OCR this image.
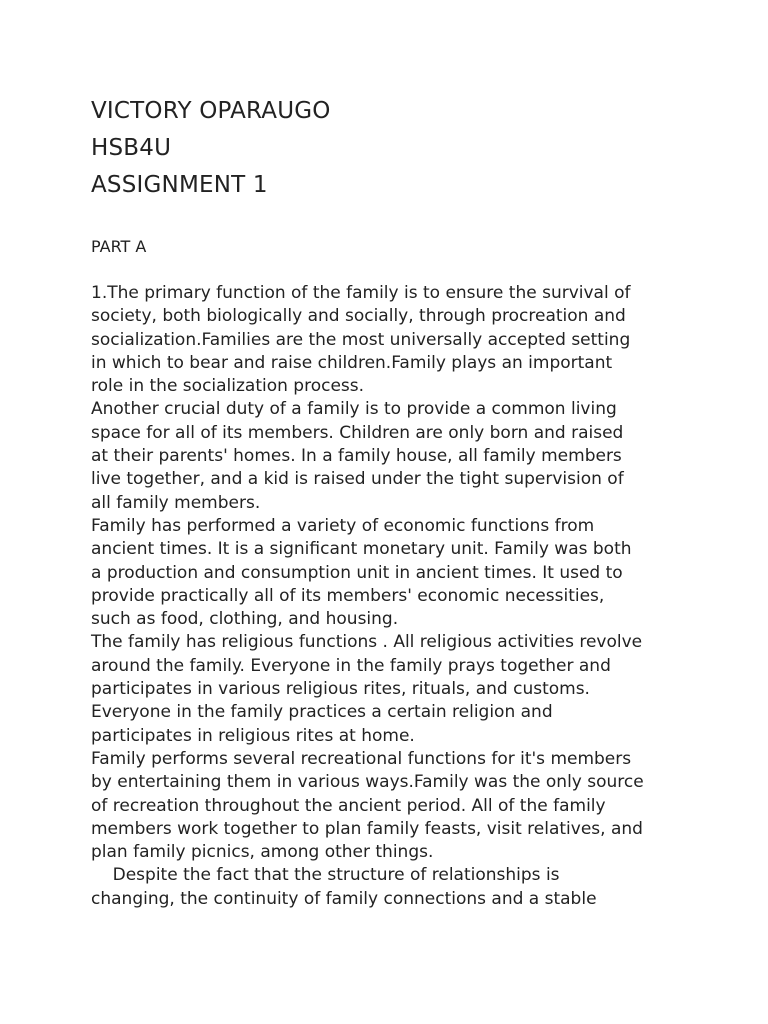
VICTORY OPARAUGO
HSB4U
ASSIGNMENT 1
PART A
1.The primary function of the family is to ensure the survival of
society, both biologically and socially, through procreation and
socialization.Families are the most universally accepted setting
in which to bear and raise children.Family plays an important
role in the socialization process.
Another crucial duty of a family is to provide a common living
space for all of its members. Children are only born and raised
at their parents' homes. In a family house, all family members
live together, and a kid is raised under the tight supervision of
all family members.
Family has performed a variety of economic functions from
ancient times. It is a significant monetary unit. Family was both
a production and consumption unit in ancient times. It used to
provide practically all of its members' economic necessities,
such as food, clothing, and housing.
The family has religious functions . All religious activities revolve
around the family. Everyone in the family prays together and
participates in various religious rites, rituals, and customs.
Everyone in the family practices a certain religion and
participates in religious rites at home.
Family performs several recreational functions for it's members
by entertaining them in various ways.Family was the only source
of recreation throughout the ancient period. All of the family
members work together to plan family feasts, visit relatives, and
plan family picnics, among other things.
Despite the fact that the structure of relationships is
changing, the continuity of family connections and a stable
